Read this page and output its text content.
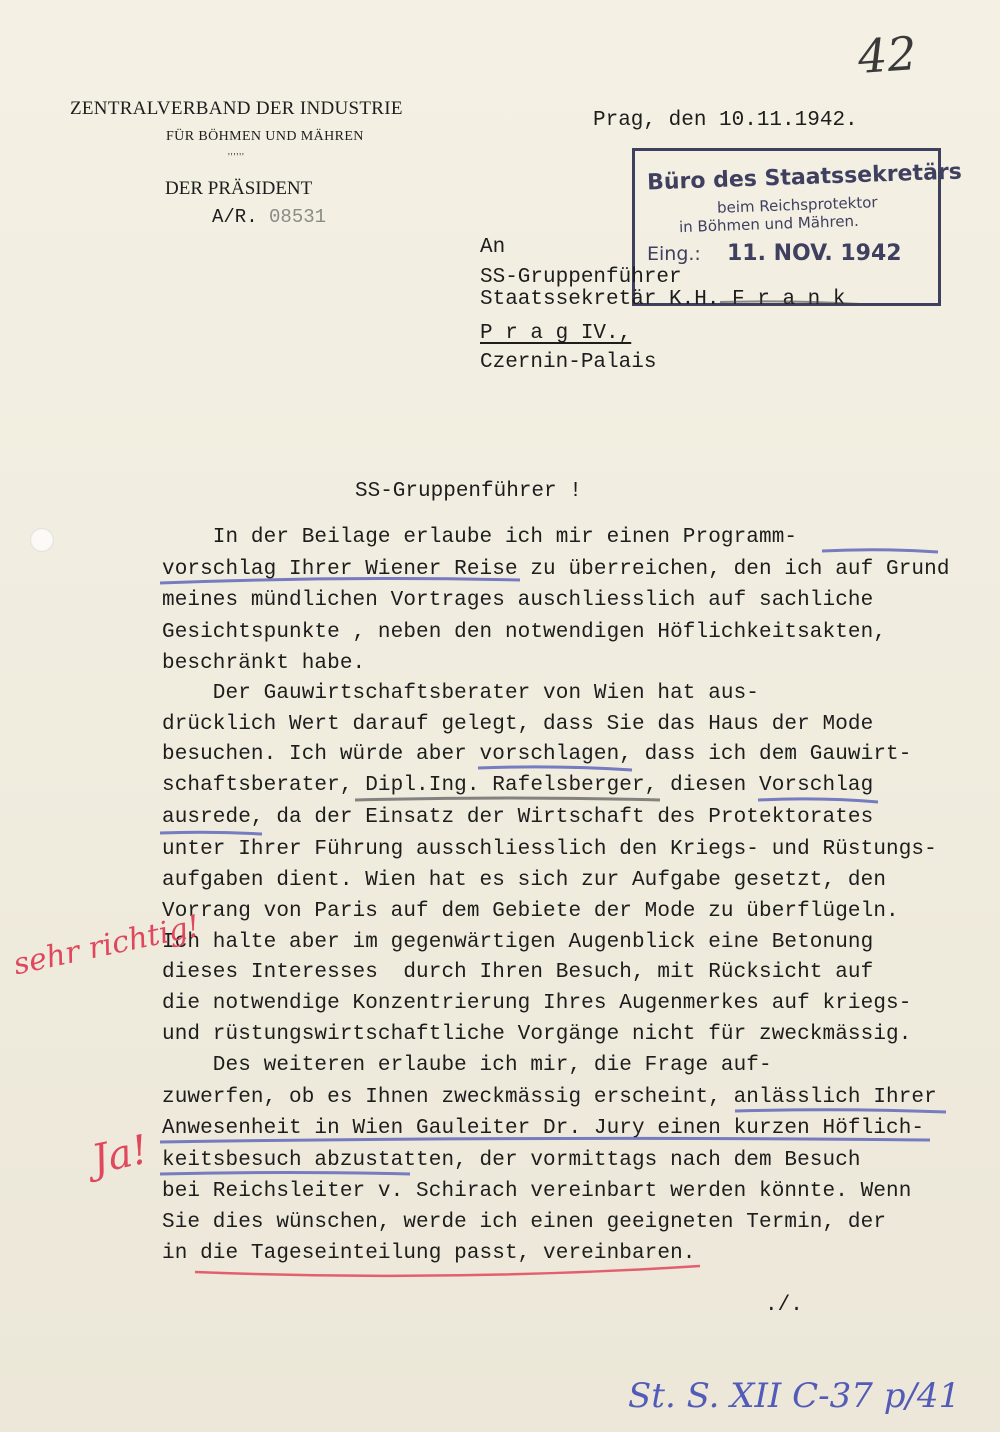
ZENTRALVERBAND DER INDUSTRIE
FÜR BÖHMEN UND MÄHREN
''''''
DER PRÄSIDENT
A/R. 08531
42
Prag, den 10.11.1942.
Büro des Staatssekretärs
beim Reichsprotektor
in Böhmen und Mähren.
Eing.: 11. NOV. 1942
An
SS-Gruppenführer
Staatssekretär K.H. F r a n k
P r a g IV.,
Czernin-Palais
SS-Gruppenführer !
In der Beilage erlaube ich mir einen Programm-
vorschlag Ihrer Wiener Reise zu überreichen, den ich auf Grund
meines mündlichen Vortrages auschliesslich auf sachliche
Gesichtspunkte , neben den notwendigen Höflichkeitsakten,
beschränkt habe.
Der Gauwirtschaftsberater von Wien hat aus-
drücklich Wert darauf gelegt, dass Sie das Haus der Mode
besuchen. Ich würde aber vorschlagen, dass ich dem Gauwirt-
schaftsberater, Dipl.Ing. Rafelsberger, diesen Vorschlag
ausrede, da der Einsatz der Wirtschaft des Protektorates
unter Ihrer Führung ausschliesslich den Kriegs- und Rüstungs-
aufgaben dient. Wien hat es sich zur Aufgabe gesetzt, den
Vorrang von Paris auf dem Gebiete der Mode zu überflügeln.
Ich halte aber im gegenwärtigen Augenblick eine Betonung
dieses Interesses  durch Ihren Besuch, mit Rücksicht auf
die notwendige Konzentrierung Ihres Augenmerkes auf kriegs-
und rüstungswirtschaftliche Vorgänge nicht für zweckmässig.
Des weiteren erlaube ich mir, die Frage auf-
zuwerfen, ob es Ihnen zweckmässig erscheint, anlässlich Ihrer
Anwesenheit in Wien Gauleiter Dr. Jury einen kurzen Höflich-
keitsbesuch abzustatten, der vormittags nach dem Besuch
bei Reichsleiter v. Schirach vereinbart werden könnte. Wenn
Sie dies wünschen, werde ich einen geeigneten Termin, der
in die Tageseinteilung passt, vereinbaren.
./.
sehr richtig!
Ja!
St. S. XII C-37 p/41
